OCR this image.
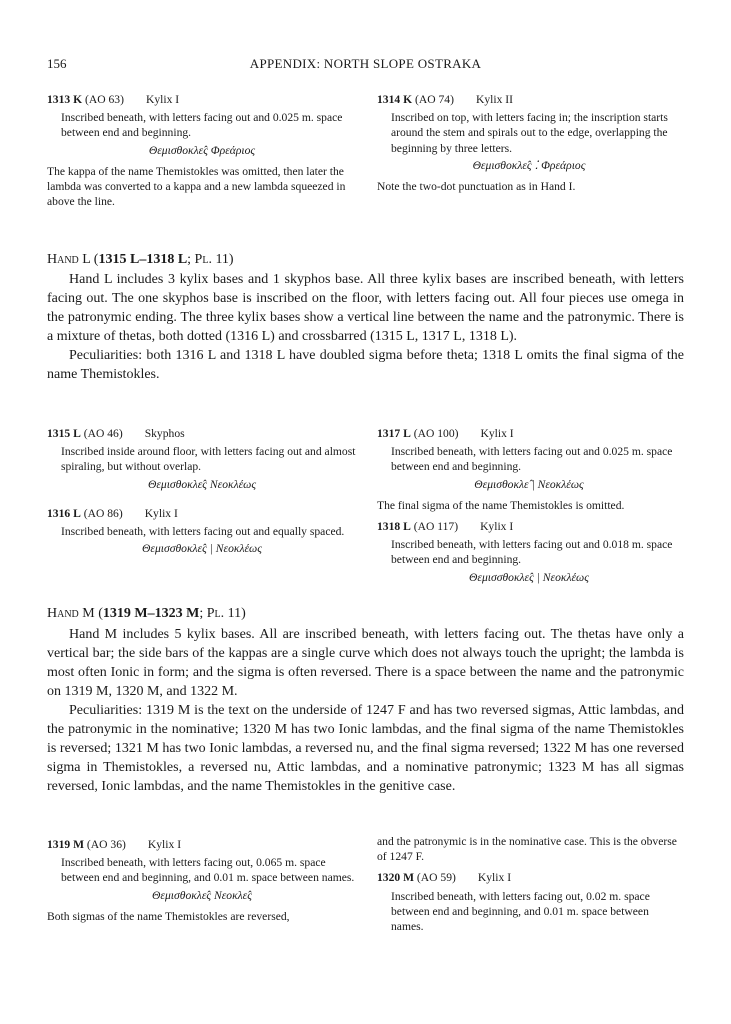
156	APPENDIX: NORTH SLOPE OSTRAKA
1313 K (AO 63) Kylix I
Inscribed beneath, with letters facing out and 0.025 m. space between end and beginning.
Θεμισθοκλε̂ς Φρεάριος
The kappa of the name Themistokles was omitted, then later the lambda was converted to a kappa and a new lambda squeezed in above the line.
1314 K (AO 74) Kylix II
Inscribed on top, with letters facing in; the inscription starts around the stem and spirals out to the edge, overlapping the beginning by three letters.
Θεμισθοκλε̂ς ⁚ Φρεάριος
Note the two-dot punctuation as in Hand I.
Hand L (1315 L–1318 L; Pl. 11)

Hand L includes 3 kylix bases and 1 skyphos base. All three kylix bases are inscribed beneath, with letters facing out. The one skyphos base is inscribed on the floor, with letters facing out. All four pieces use omega in the patronymic ending. The three kylix bases show a vertical line between the name and the patronymic. There is a mixture of thetas, both dotted (1316 L) and crossbarred (1315 L, 1317 L, 1318 L).

Peculiarities: both 1316 L and 1318 L have doubled sigma before theta; 1318 L omits the final sigma of the name Themistokles.

1315 L (AO 46) Skyphos
Inscribed inside around floor, with letters facing out and almost spiraling, but without overlap.
Θεμισθοκλε̂ς Νεοκλέως
1316 L (AO 86) Kylix I
Inscribed beneath, with letters facing out and equally spaced.
Θεμισσθοκλε̂ς | Νεοκλέως
1317 L (AO 100) Kylix I
Inscribed beneath, with letters facing out and 0.025 m. space between end and beginning.
Θεμισθοκλε̂ | Νεοκλέως
The final sigma of the name Themistokles is omitted.
1318 L (AO 117) Kylix I
Inscribed beneath, with letters facing out and 0.018 m. space between end and beginning.
Θεμισσθοκλε̂ς | Νεοκλέως
Hand M (1319 M–1323 M; Pl. 11)

Hand M includes 5 kylix bases. All are inscribed beneath, with letters facing out. The thetas have only a vertical bar; the side bars of the kappas are a single curve which does not always touch the upright; the lambda is most often Ionic in form; and the sigma is often reversed. There is a space between the name and the patronymic on 1319 M, 1320 M, and 1322 M.

Peculiarities: 1319 M is the text on the underside of 1247 F and has two reversed sigmas, Attic lambdas, and the patronymic in the nominative; 1320 M has two Ionic lambdas, and the final sigma of the name Themistokles is reversed; 1321 M has two Ionic lambdas, a reversed nu, and the final sigma reversed; 1322 M has one reversed sigma in Themistokles, a reversed nu, Attic lambdas, and a nominative patronymic; 1323 M has all sigmas reversed, Ionic lambdas, and the name Themistokles in the genitive case.

1319 M (AO 36) Kylix I
Inscribed beneath, with letters facing out, 0.065 m. space between end and beginning, and 0.01 m. space between names.
Θεμισθοκλε̂ς Νεοκλε̂ς
Both sigmas of the name Themistokles are reversed,
and the patronymic is in the nominative case. This is the obverse of 1247 F.
1320 M (AO 59) Kylix I
Inscribed beneath, with letters facing out, 0.02 m. space between end and beginning, and 0.01 m. space between names.
